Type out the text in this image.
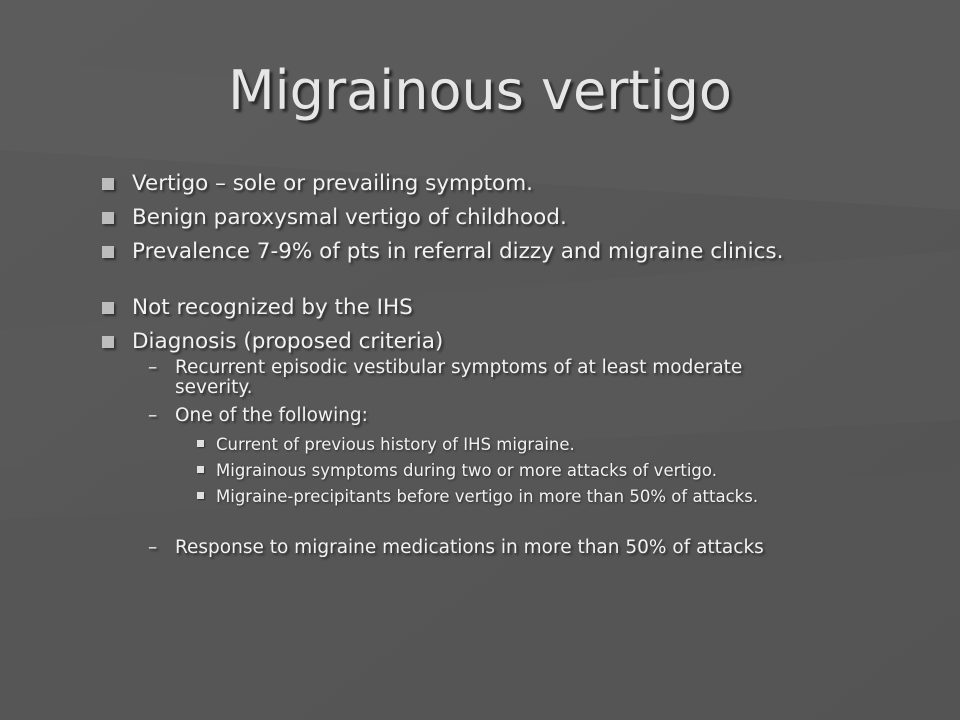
Migrainous vertigo
Vertigo – sole or prevailing symptom.
Benign paroxysmal vertigo of childhood.
Prevalence 7-9% of pts in referral dizzy and migraine clinics.
Not recognized by the IHS
Diagnosis (proposed criteria)
– Recurrent episodic vestibular symptoms of at least moderate severity.
– One of the following:
Current of previous history of IHS migraine.
Migrainous symptoms during two or more attacks of vertigo.
Migraine-precipitants before vertigo in more than 50% of attacks.
– Response to migraine medications in more than 50% of attacks
